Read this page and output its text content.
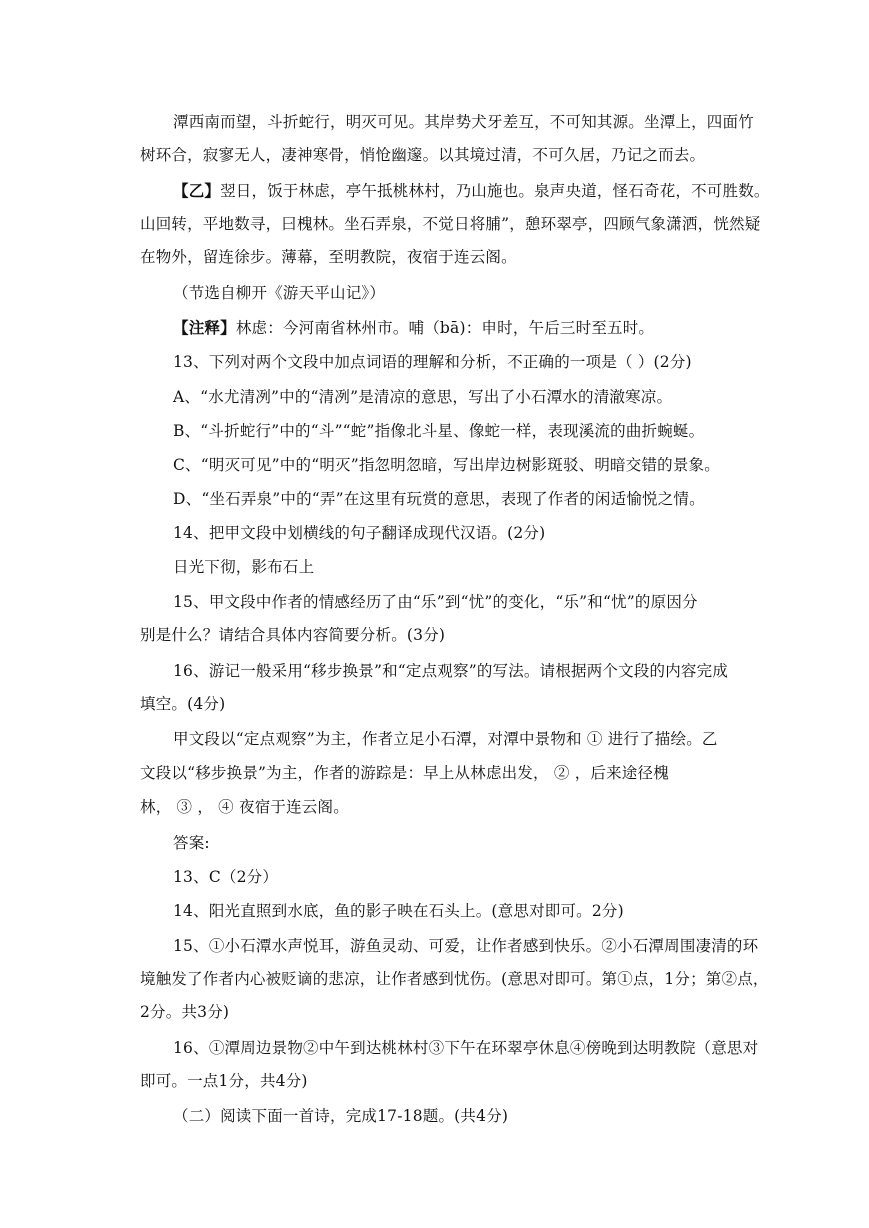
潭西南而望，斗折蛇行，明灭可见。其岸势犬牙差互，不可知其源。坐潭上，四面竹
树环合，寂寥无人，凄神寒骨，悄怆幽邃。以其境过清，不可久居，乃记之而去。
【乙】翌日，饭于林虑，亭午抵桃林村，乃山施也。泉声央道，怪石奇花，不可胜数。
山回转，平地数寻，曰槐林。坐石弄泉，不觉日将脯”，憩环翠亭，四顾气象潇洒，恍然疑
在物外，留连徐步。薄幕，至明教院，夜宿于连云阁。
（节选自柳开《游天平山记》）
【注释】林虑：今河南省林州市。哺（bā)：申时，午后三时至五时。
13、下列对两个文段中加点词语的理解和分析，不正确的一项是（ ）(2分)
A、“水尤清冽”中的“清冽”是清凉的意思，写出了小石潭水的清澈寒凉。
B、“斗折蛇行”中的“斗”“蛇”指像北斗星、像蛇一样，表现溪流的曲折蜿蜒。
C、“明灭可见”中的“明灭”指忽明忽暗，写出岸边树影斑驳、明暗交错的景象。
D、“坐石弄泉”中的“弄”在这里有玩赏的意思，表现了作者的闲适愉悦之情。
14、把甲文段中划横线的句子翻译成现代汉语。(2分)
日光下彻，影布石上
15、甲文段中作者的情感经历了由“乐”到“忧”的变化，“乐”和“忧”的原因分
别是什么？请结合具体内容简要分析。(3分)
16、游记一般采用“移步换景”和“定点观察”的写法。请根据两个文段的内容完成
填空。(4分)
甲文段以“定点观察”为主，作者立足小石潭，对潭中景物和 ① 进行了描绘。乙
文段以“移步换景”为主，作者的游踪是：早上从林虑出发， ② ，后来途径槐
林， ③ ， ④ 夜宿于连云阁。
答案:
13、C（2分）
14、阳光直照到水底，鱼的影子映在石头上。(意思对即可。2分)
15、①小石潭水声悦耳，游鱼灵动、可爱，让作者感到快乐。②小石潭周围凄清的环
境触发了作者内心被贬谪的悲凉，让作者感到忧伤。(意思对即可。第①点，1分；第②点，
2分。共3分)
16、①潭周边景物②中午到达桃林村③下午在环翠亭休息④傍晚到达明教院（意思对
即可。一点1分，共4分)
（二）阅读下面一首诗，完成17-18题。(共4分)
